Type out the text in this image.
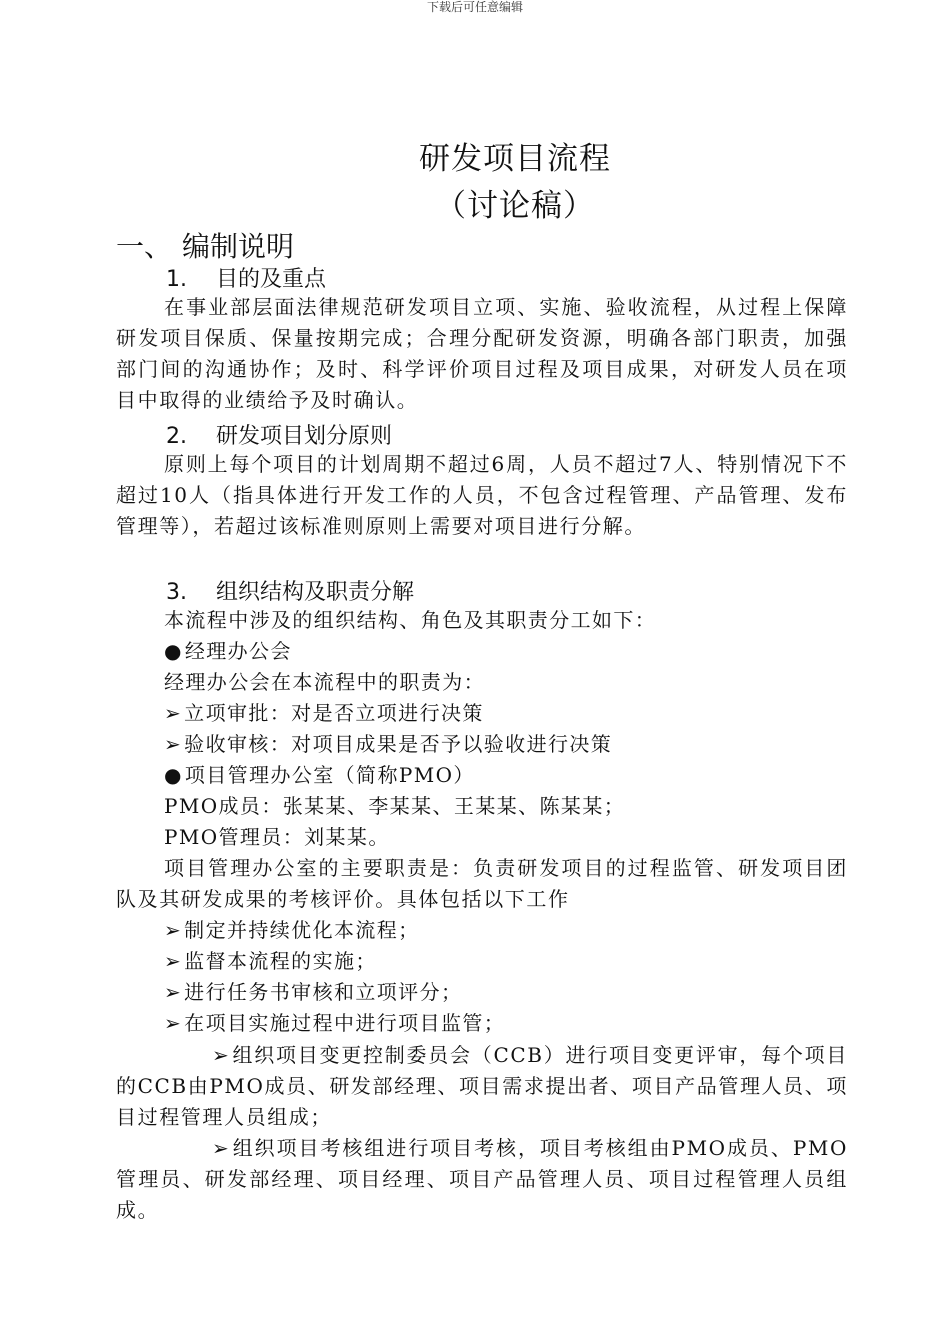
下载后可任意编辑
研发项目流程
（讨论稿）
一、 编制说明
1. 目的及重点
在事业部层面法律规范研发项目立项、实施、验收流程，从过程上保障研发项目保质、保量按期完成；合理分配研发资源，明确各部门职责，加强部门间的沟通协作；及时、科学评价项目过程及项目成果，对研发人员在项目中取得的业绩给予及时确认。
2. 研发项目划分原则
原则上每个项目的计划周期不超过6周，人员不超过7人、特别情况下不超过10人（指具体进行开发工作的人员，不包含过程管理、产品管理、发布管理等），若超过该标准则原则上需要对项目进行分解。
3. 组织结构及职责分解
本流程中涉及的组织结构、角色及其职责分工如下：
● 经理办公会
经理办公会在本流程中的职责为：
➢ 立项审批：对是否立项进行决策
➢ 验收审核：对项目成果是否予以验收进行决策
● 项目管理办公室（简称PMO）
PMO成员：张某某、李某某、王某某、陈某某；
PMO管理员：刘某某。
项目管理办公室的主要职责是：负责研发项目的过程监管、研发项目团队及其研发成果的考核评价。具体包括以下工作
➢ 制定并持续优化本流程；
➢ 监督本流程的实施；
➢ 进行任务书审核和立项评分；
➢ 在项目实施过程中进行项目监管；
➢ 组织项目变更控制委员会（CCB）进行项目变更评审，每个项目的CCB由PMO成员、研发部经理、项目需求提出者、项目产品管理人员、项目过程管理人员组成；
➢ 组织项目考核组进行项目考核，项目考核组由PMO成员、PMO管理员、研发部经理、项目经理、项目产品管理人员、项目过程管理人员组成。
